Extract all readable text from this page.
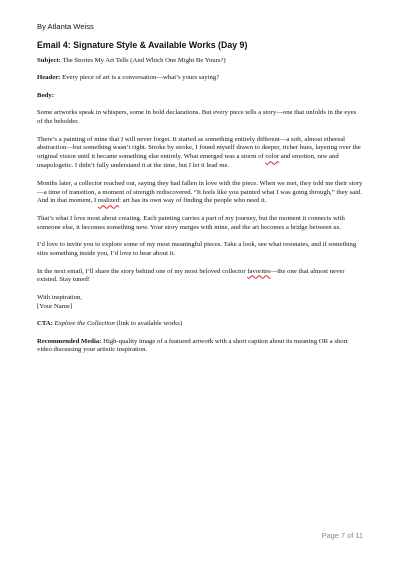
By Atlanta Weiss
Email 4: Signature Style & Available Works (Day 9)

Subject: The Stories My Art Tells (And Which One Might Be Yours?)

Header: Every piece of art is a conversation—what’s yours saying?

Body:

Some artworks speak in whispers, some in bold declarations. But every piece tells a story—one that unfolds in the eyes of the beholder.

There’s a painting of mine that I will never forget. It started as something entirely different—a soft, almost ethereal abstraction—but something wasn’t right. Stroke by stroke, I found myself drawn to deeper, richer hues, layering over the original vision until it became something else entirely. What emerged was a storm of color and emotion, raw and unapologetic. I didn’t fully understand it at the time, but I let it lead me.

Months later, a collector reached out, saying they had fallen in love with the piece. When we met, they told me their story—a time of transition, a moment of strength rediscovered. “It feels like you painted what I was going through,” they said. And in that moment, I realized: art has its own way of finding the people who need it.

That’s what I love most about creating. Each painting carries a part of my journey, but the moment it connects with someone else, it becomes something new. Your story merges with mine, and the art becomes a bridge between us.

I’d love to invite you to explore some of my most meaningful pieces. Take a look, see what resonates, and if something stirs something inside you, I’d love to hear about it.

In the next email, I’ll share the story behind one of my most beloved collector favorites—the one that almost never existed. Stay tuned!

With inspiration,
[Your Name]

CTA: Explore the Collection (link to available works)

Recommended Media: High-quality image of a featured artwork with a short caption about its meaning OR a short video discussing your artistic inspiration.

Page 7 of 11
